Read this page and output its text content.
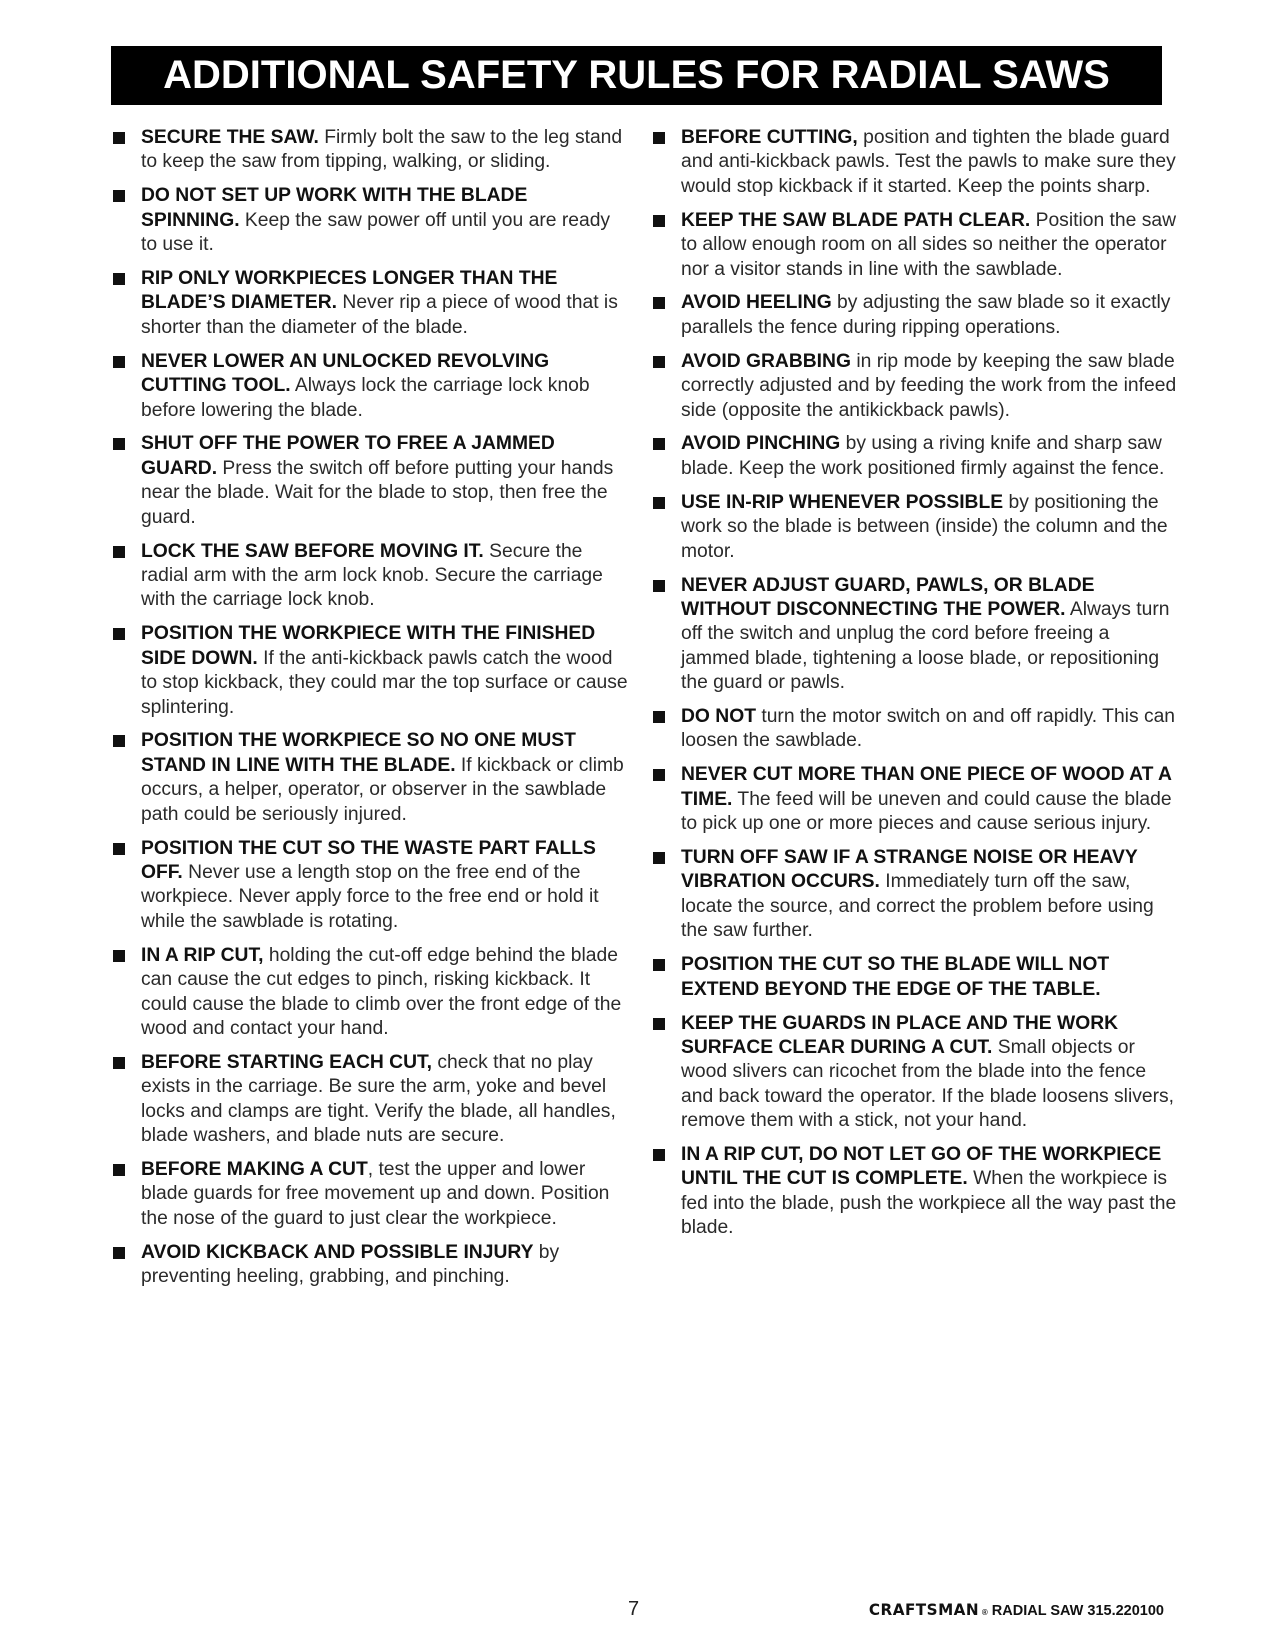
ADDITIONAL SAFETY RULES FOR RADIAL SAWS
SECURE THE SAW. Firmly bolt the saw to the leg stand to keep the saw from tipping, walking, or sliding.
DO NOT SET UP WORK WITH THE BLADE SPINNING. Keep the saw power off until you are ready to use it.
RIP ONLY WORKPIECES LONGER THAN THE BLADE’S DIAMETER. Never rip a piece of wood that is shorter than the diameter of the blade.
NEVER LOWER AN UNLOCKED REVOLVING CUTTING TOOL. Always lock the carriage lock knob before lowering the blade.
SHUT OFF THE POWER TO FREE A JAMMED GUARD. Press the switch off before putting your hands near the blade. Wait for the blade to stop, then free the guard.
LOCK THE SAW BEFORE MOVING IT. Secure the radial arm with the arm lock knob. Secure the carriage with the carriage lock knob.
POSITION THE WORKPIECE WITH THE FINISHED SIDE DOWN. If the anti-kickback pawls catch the wood to stop kickback, they could mar the top surface or cause splintering.
POSITION THE WORKPIECE SO NO ONE MUST STAND IN LINE WITH THE BLADE. If kickback or climb occurs, a helper, operator, or observer in the sawblade path could be seriously injured.
POSITION THE CUT SO THE WASTE PART FALLS OFF. Never use a length stop on the free end of the workpiece. Never apply force to the free end or hold it while the sawblade is rotating.
IN A RIP CUT, holding the cut-off edge behind the blade can cause the cut edges to pinch, risking kickback. It could cause the blade to climb over the front edge of the wood and contact your hand.
BEFORE STARTING EACH CUT, check that no play exists in the carriage. Be sure the arm, yoke and bevel locks and clamps are tight. Verify the blade, all handles, blade washers, and blade nuts are secure.
BEFORE MAKING A CUT, test the upper and lower blade guards for free movement up and down. Position the nose of the guard to just clear the workpiece.
AVOID KICKBACK AND POSSIBLE INJURY by preventing heeling, grabbing, and pinching.
BEFORE CUTTING, position and tighten the blade guard and anti-kickback pawls. Test the pawls to make sure they would stop kickback if it started. Keep the points sharp.
KEEP THE SAW BLADE PATH CLEAR. Position the saw to allow enough room on all sides so neither the operator nor a visitor stands in line with the sawblade.
AVOID HEELING by adjusting the saw blade so it exactly parallels the fence during ripping operations.
AVOID GRABBING in rip mode by keeping the saw blade correctly adjusted and by feeding the work from the infeed side (opposite the antikickback pawls).
AVOID PINCHING by using a riving knife and sharp saw blade. Keep the work positioned firmly against the fence.
USE IN-RIP WHENEVER POSSIBLE by positioning the work so the blade is between (inside) the column and the motor.
NEVER ADJUST GUARD, PAWLS, OR BLADE WITHOUT DISCONNECTING THE POWER. Always turn off the switch and unplug the cord before freeing a jammed blade, tightening a loose blade, or repositioning the guard or pawls.
DO NOT turn the motor switch on and off rapidly. This can loosen the sawblade.
NEVER CUT MORE THAN ONE PIECE OF WOOD AT A TIME. The feed will be uneven and could cause the blade to pick up one or more pieces and cause serious injury.
TURN OFF SAW IF A STRANGE NOISE OR HEAVY VIBRATION OCCURS. Immediately turn off the saw, locate the source, and correct the problem before using the saw further.
POSITION THE CUT SO THE BLADE WILL NOT EXTEND BEYOND THE EDGE OF THE TABLE.
KEEP THE GUARDS IN PLACE AND THE WORK SURFACE CLEAR DURING A CUT. Small objects or wood slivers can ricochet from the blade into the fence and back toward the operator. If the blade loosens slivers, remove them with a stick, not your hand.
IN A RIP CUT, DO NOT LET GO OF THE WORKPIECE UNTIL THE CUT IS COMPLETE. When the workpiece is fed into the blade, push the workpiece all the way past the blade.
7	CRAFTSMAN ® RADIAL SAW 315.220100
